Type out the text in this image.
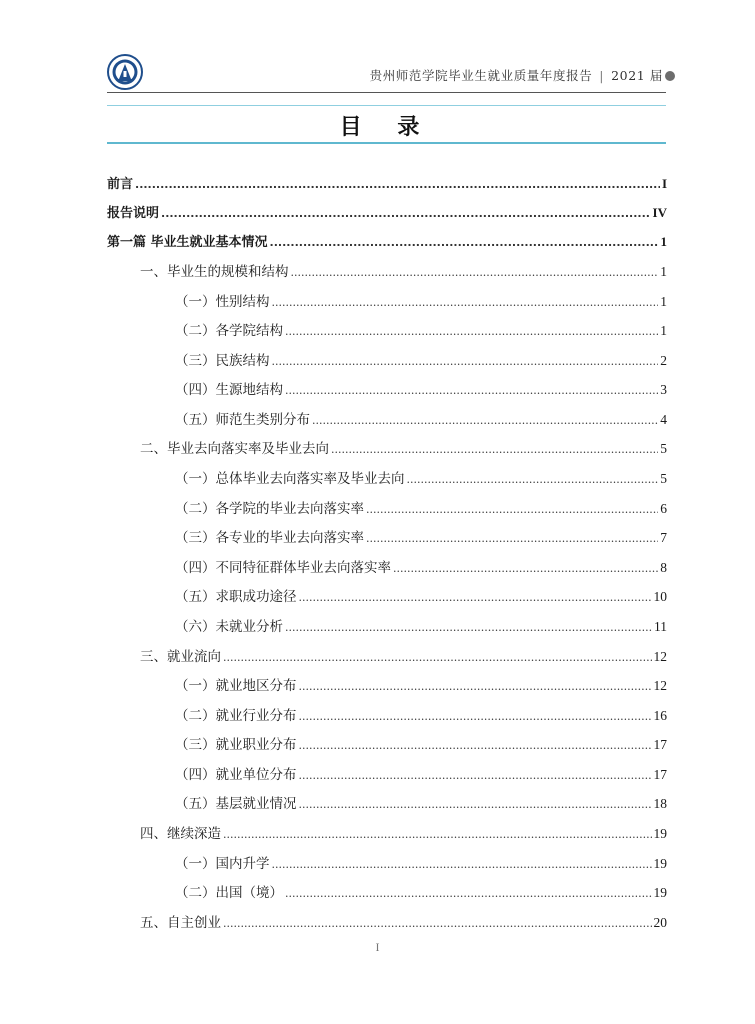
贵州师范学院毕业生就业质量年度报告 | 2021 届
目 录
前言 .....	I
报告说明 .....	IV
第一篇 毕业生就业基本情况 .....	1
一、毕业生的规模和结构 .....	1
（一）性别结构 .....	1
（二）各学院结构 .....	1
（三）民族结构 .....	2
（四）生源地结构 .....	3
（五）师范生类别分布 .....	4
二、毕业去向落实率及毕业去向 .....	5
（一）总体毕业去向落实率及毕业去向 .....	5
（二）各学院的毕业去向落实率 .....	6
（三）各专业的毕业去向落实率 .....	7
（四）不同特征群体毕业去向落实率 .....	8
（五）求职成功途径 .....	10
（六）未就业分析 .....	11
三、就业流向 .....	12
（一）就业地区分布 .....	12
（二）就业行业分布 .....	16
（三）就业职业分布 .....	17
（四）就业单位分布 .....	17
（五）基层就业情况 .....	18
四、继续深造 .....	19
（一）国内升学 .....	19
（二）出国（境） .....	19
五、自主创业 .....	20
I
